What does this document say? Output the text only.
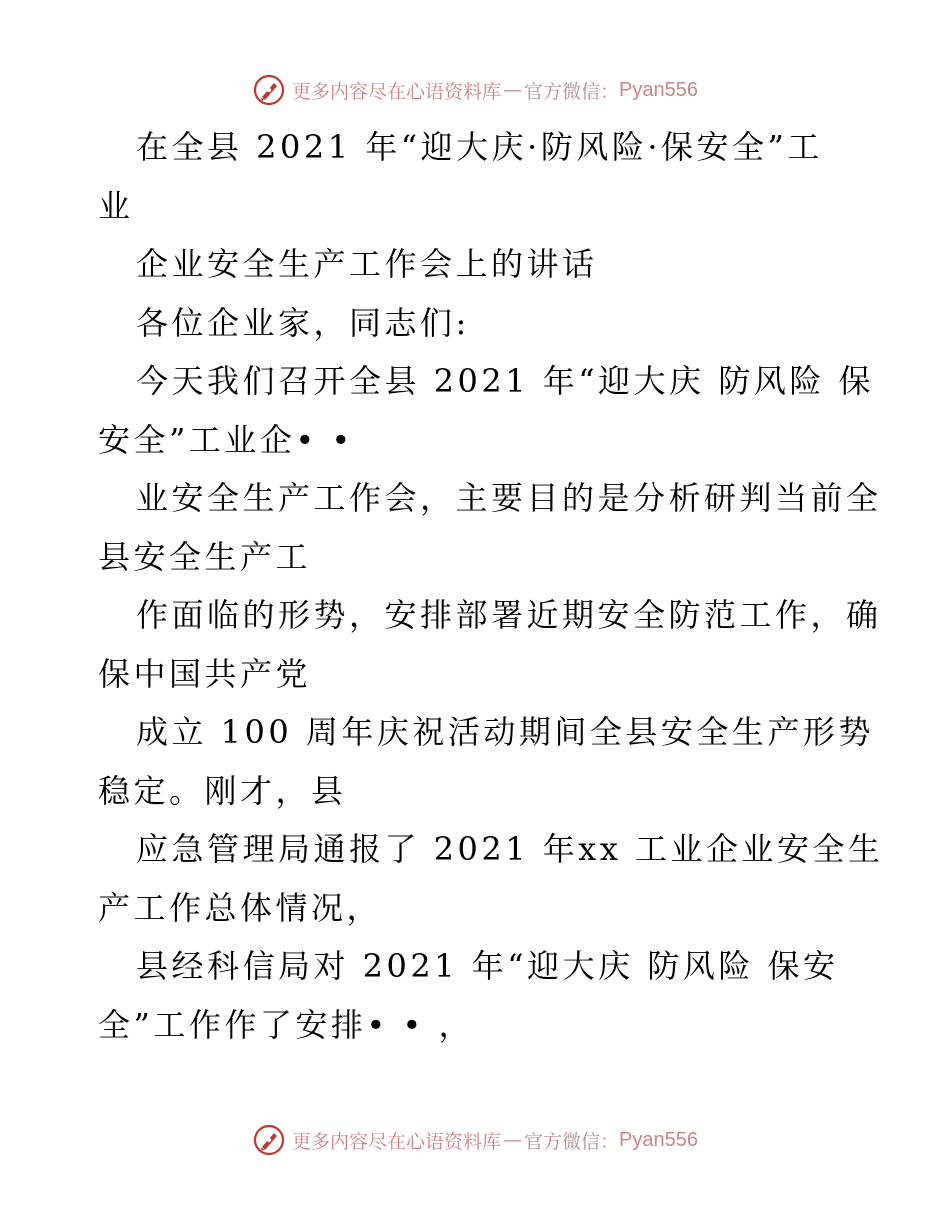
更多内容尽在心语资料库 — 官方微信： Pyan556
在全县 2021 年“迎大庆·防风险·保安全”工
业
企业安全生产工作会上的讲话
各位企业家，同志们:
今天我们召开全县 2021 年“迎大庆 防风险 保
安全”工业企• •
业安全生产工作会，主要目的是分析研判当前全
县安全生产工
作面临的形势，安排部署近期安全防范工作，确
保中国共产党
成立 100 周年庆祝活动期间全县安全生产形势
稳定。刚才，县
应急管理局通报了 2021 年xx 工业企业安全生
产工作总体情况，
县经科信局对 2021 年“迎大庆 防风险 保安
全”工作作了安排• • ，
更多内容尽在心语资料库 — 官方微信： Pyan556
